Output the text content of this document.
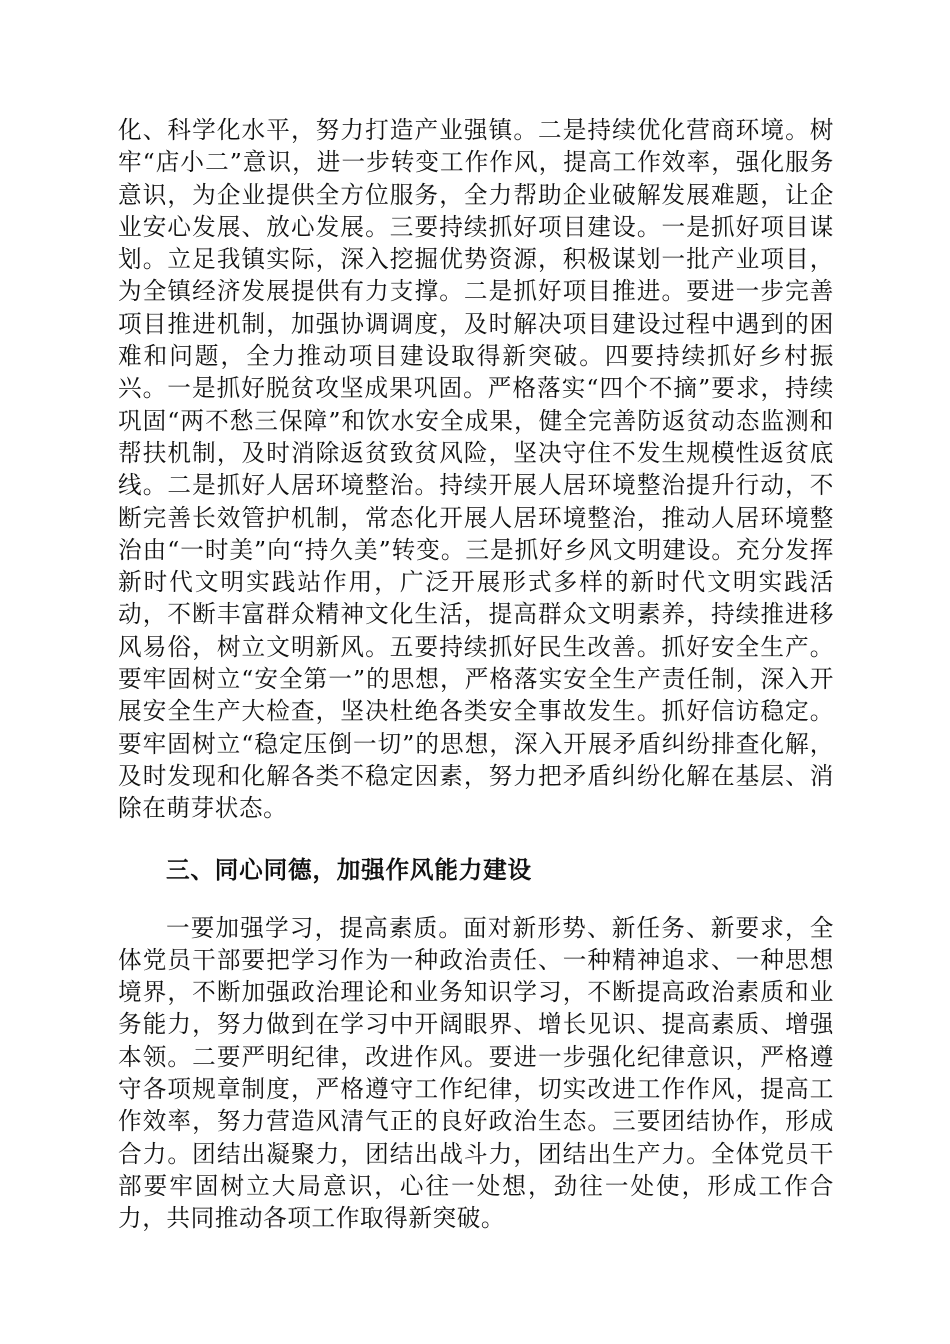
化、科学化水平，努力打造产业强镇。二是持续优化营商环境。树牢“店小二”意识，进一步转变工作作风，提高工作效率，强化服务意识，为企业提供全方位服务，全力帮助企业破解发展难题，让企业安心发展、放心发展。三要持续抓好项目建设。一是抓好项目谋划。立足我镇实际，深入挖掘优势资源，积极谋划一批产业项目，为全镇经济发展提供有力支撑。二是抓好项目推进。要进一步完善项目推进机制，加强协调调度，及时解决项目建设过程中遇到的困难和问题，全力推动项目建设取得新突破。四要持续抓好乡村振兴。一是抓好脱贫攻坚成果巩固。严格落实“四个不摘”要求，持续巩固“两不愁三保障”和饮水安全成果，健全完善防返贫动态监测和帮扶机制，及时消除返贫致贫风险，坚决守住不发生规模性返贫底线。二是抓好人居环境整治。持续开展人居环境整治提升行动，不断完善长效管护机制，常态化开展人居环境整治，推动人居环境整治由“一时美”向“持久美”转变。三是抓好乡风文明建设。充分发挥新时代文明实践站作用，广泛开展形式多样的新时代文明实践活动，不断丰富群众精神文化生活，提高群众文明素养，持续推进移风易俗，树立文明新风。五要持续抓好民生改善。抓好安全生产。要牢固树立“安全第一”的思想，严格落实安全生产责任制，深入开展安全生产大检查，坚决杜绝各类安全事故发生。抓好信访稳定。要牢固树立“稳定压倒一切”的思想，深入开展矛盾纠纷排查化解，及时发现和化解各类不稳定因素，努力把矛盾纠纷化解在基层、消除在萌芽状态。

三、同心同德，加强作风能力建设

一要加强学习，提高素质。面对新形势、新任务、新要求，全体党员干部要把学习作为一种政治责任、一种精神追求、一种思想境界，不断加强政治理论和业务知识学习，不断提高政治素质和业务能力，努力做到在学习中开阔眼界、增长见识、提高素质、增强本领。二要严明纪律，改进作风。要进一步强化纪律意识，严格遵守各项规章制度，严格遵守工作纪律，切实改进工作作风，提高工作效率，努力营造风清气正的良好政治生态。三要团结协作，形成合力。团结出凝聚力，团结出战斗力，团结出生产力。全体党员干部要牢固树立大局意识，心往一处想，劲往一处使，形成工作合力，共同推动各项工作取得新突破。
